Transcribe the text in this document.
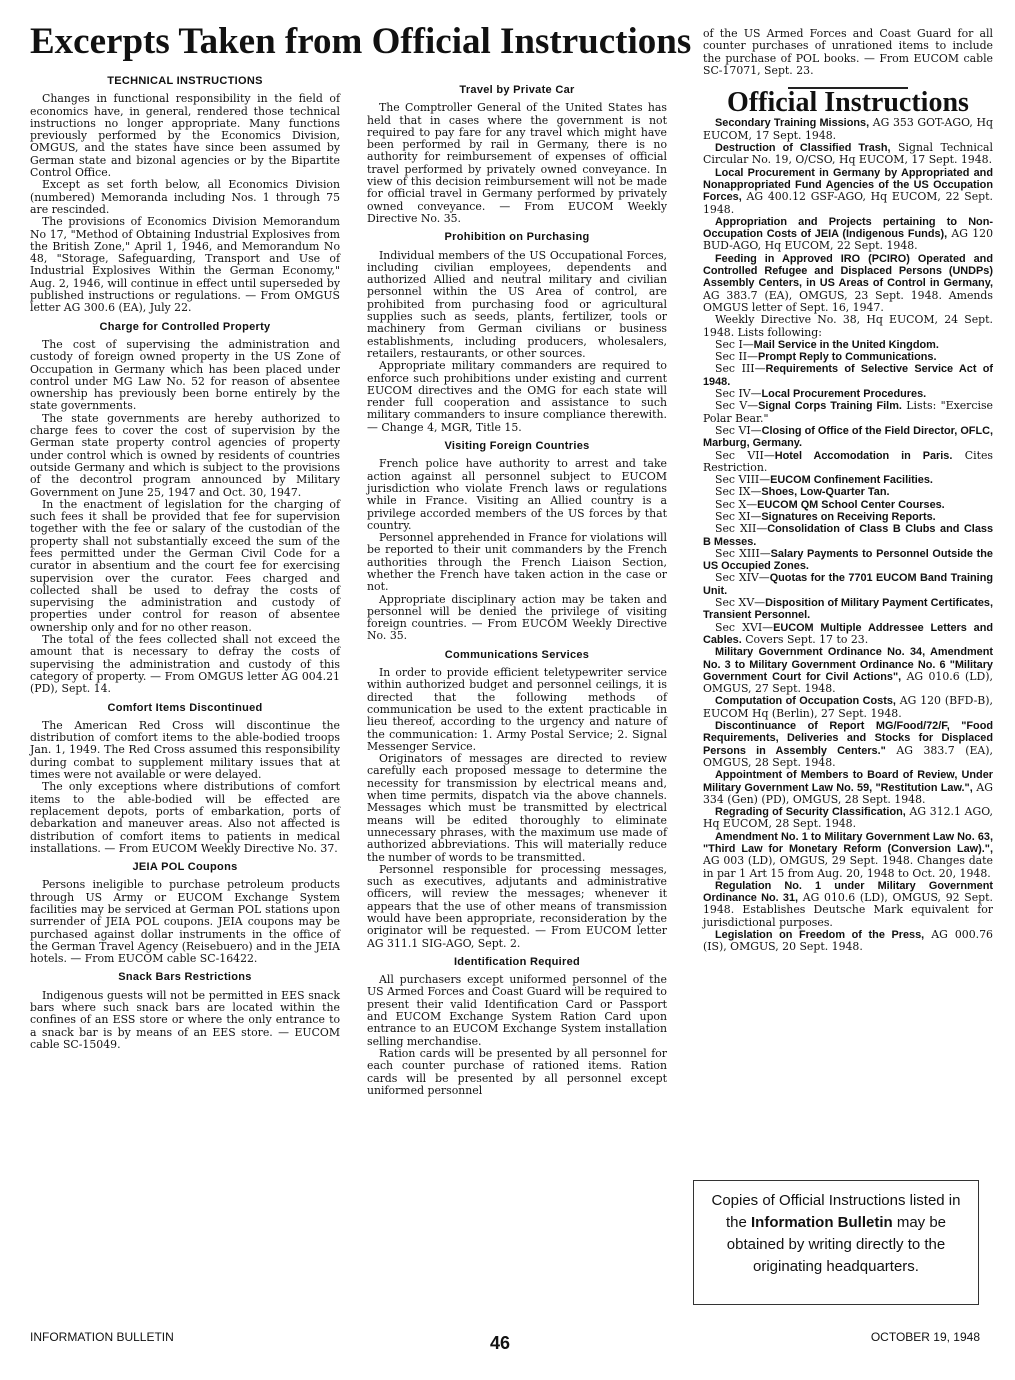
Excerpts Taken from Official Instructions
TECHNICAL INSTRUCTIONS

Changes in functional responsibility in the field of economics have, in general, rendered those technical instructions no longer appropriate. Many functions previously performed by the Economics Division, OMGUS, and the states have since been assumed by German state and bizonal agencies or by the Bipartite Control Office.

Except as set forth below, all Economics Division (numbered) Memoranda including Nos. 1 through 75 are rescinded.

The provisions of Economics Division Memorandum No 17, "Method of Obtaining Industrial Explosives from the British Zone," April 1, 1946, and Memorandum No 48, "Storage, Safeguarding, Transport and Use of Industrial Explosives Within the German Economy," Aug. 2, 1946, will continue in effect until superseded by published instructions or regulations. — From OMGUS letter AG 300.6 (EA), July 22.

Charge for Controlled Property

The cost of supervising the administration and custody of foreign owned property in the US Zone of Occupation in Germany which has been placed under control under MG Law No. 52 for reason of absentee ownership has previously been borne entirely by the state governments.

The state governments are hereby authorized to charge fees to cover the cost of supervision by the German state property control agencies of property under control which is owned by residents of countries outside Germany and which is subject to the provisions of the decontrol program announced by Military Government on June 25, 1947 and Oct. 30, 1947.

In the enactment of legislation for the charging of such fees it shall be provided that fee for supervision together with the fee or salary of the custodian of the property shall not substantially exceed the sum of the fees permitted under the German Civil Code for a curator in absentium and the court fee for exercising supervision over the curator. Fees charged and collected shall be used to defray the costs of supervising the administration and custody of properties under control for reason of absentee ownership only and for no other reason.

The total of the fees collected shall not exceed the amount that is necessary to defray the costs of supervising the administration and custody of this category of property. — From OMGUS letter AG 004.21 (PD), Sept. 14.

Comfort Items Discontinued

The American Red Cross will discontinue the distribution of comfort items to the able-bodied troops Jan. 1, 1949. The Red Cross assumed this responsibility during combat to supplement military issues that at times were not available or were delayed.

The only exceptions where distributions of comfort items to the able-bodied will be effected are replacement depots, ports of embarkation, ports of debarkation and maneuver areas. Also not affected is distribution of comfort items to patients in medical installations. — From EUCOM Weekly Directive No. 37.

JEIA POL Coupons

Persons ineligible to purchase petroleum products through US Army or EUCOM Exchange System facilities may be serviced at German POL stations upon surrender of JEIA POL coupons. JEIA coupons may be purchased against dollar instruments in the office of the German Travel Agency (Reisebuero) and in the JEIA hotels. — From EUCOM cable SC-16422.

Snack Bars Restrictions

Indigenous guests will not be permitted in EES snack bars where such snack bars are located within the confines of an ESS store or where the only entrance to a snack bar is by means of an EES store. — EUCOM cable SC-15049.

Travel by Private Car

The Comptroller General of the United States has held that in cases where the government is not required to pay fare for any travel which might have been performed by rail in Germany, there is no authority for reimbursement of expenses of official travel performed by privately owned conveyance. In view of this decision reimbursement will not be made for official travel in Germany performed by privately owned conveyance. — From EUCOM Weekly Directive No. 35.

Prohibition on Purchasing

Individual members of the US Occupational Forces, including civilian employees, dependents and authorized Allied and neutral military and civilian personnel within the US Area of control, are prohibited from purchasing food or agricultural supplies such as seeds, plants, fertilizer, tools or machinery from German civilians or business establishments, including producers, wholesalers, retailers, restaurants, or other sources.

Appropriate military commanders are required to enforce such prohibitions under existing and current EUCOM directives and the OMG for each state will render full cooperation and assistance to such military commanders to insure compliance therewith. — Change 4, MGR, Title 15.

Visiting Foreign Countries

French police have authority to arrest and take action against all personnel subject to EUCOM jurisdiction who violate French laws or regulations while in France. Visiting an Allied country is a privilege accorded members of the US forces by that country.

Personnel apprehended in France for violations will be reported to their unit commanders by the French authorities through the French Liaison Section, whether the French have taken action in the case or not.

Appropriate disciplinary action may be taken and personnel will be denied the privilege of visiting foreign countries. — From EUCOM Weekly Directive No. 35.

Communications Services

In order to provide efficient teletypewriter service within authorized budget and personnel ceilings, it is directed that the following methods of communication be used to the extent practicable in lieu thereof, according to the urgency and nature of the communication: 1. Army Postal Service; 2. Signal Messenger Service.

Originators of messages are directed to review carefully each proposed message to determine the necessity for transmission by electrical means and, when time permits, dispatch via the above channels. Messages which must be transmitted by electrical means will be edited thoroughly to eliminate unnecessary phrases, with the maximum use made of authorized abbreviations. This will materially reduce the number of words to be transmitted.

Personnel responsible for processing messages, such as executives, adjutants and administrative officers, will review the messages; whenever it appears that the use of other means of transmission would have been appropriate, reconsideration by the originator will be requested. — From EUCOM letter AG 311.1 SIG-AGO, Sept. 2.

Identification Required

All purchasers except uniformed personnel of the US Armed Forces and Coast Guard will be required to present their valid Identification Card or Passport and EUCOM Exchange System Ration Card upon entrance to an EUCOM Exchange System installation selling merchandise.

Ration cards will be presented by all personnel for each counter purchase of rationed items. Ration cards will be presented by all personnel except uniformed personnel

of the US Armed Forces and Coast Guard for all counter purchases of unrationed items to include the purchase of POL books. — From EUCOM cable SC-17071, Sept. 23.

Official Instructions

Secondary Training Missions, AG 353 GOT-AGO, Hq EUCOM, 17 Sept. 1948.

Destruction of Classified Trash, Signal Technical Circular No. 19, O/CSO, Hq EUCOM, 17 Sept. 1948.

Local Procurement in Germany by Appropriated and Nonappropriated Fund Agencies of the US Occupation Forces, AG 400.12 GSF-AGO, Hq EUCOM, 22 Sept. 1948.

Appropriation and Projects pertaining to Non-Occupation Costs of JEIA (Indigenous Funds), AG 120 BUD-AGO, Hq EUCOM, 22 Sept. 1948.

Feeding in Approved IRO (PCIRO) Operated and Controlled Refugee and Displaced Persons (UNDPs) Assembly Centers, in US Areas of Control in Germany, AG 383.7 (EA), OMGUS, 23 Sept. 1948. Amends OMGUS letter of Sept. 16, 1947.

Weekly Directive No. 38, Hq EUCOM, 24 Sept. 1948. Lists following:

Sec I—Mail Service in the United Kingdom.

Sec II—Prompt Reply to Communications.

Sec III—Requirements of Selective Service Act of 1948.

Sec IV—Local Procurement Procedures.

Sec V—Signal Corps Training Film. Lists: "Exercise Polar Bear."

Sec VI—Closing of Office of the Field Director, OFLC, Marburg, Germany.

Sec VII—Hotel Accomodation in Paris. Cites Restriction.

Sec VIII—EUCOM Confinement Facilities.

Sec IX—Shoes, Low-Quarter Tan.

Sec X—EUCOM QM School Center Courses.

Sec XI—Signatures on Receiving Reports.

Sec XII—Consolidation of Class B Clubs and Class B Messes.

Sec XIII—Salary Payments to Personnel Outside the US Occupied Zones.

Sec XIV—Quotas for the 7701 EUCOM Band Training Unit.

Sec XV—Disposition of Military Payment Certificates, Transient Personnel.

Sec XVI—EUCOM Multiple Addressee Letters and Cables. Covers Sept. 17 to 23.

Military Government Ordinance No. 34, Amendment No. 3 to Military Government Ordinance No. 6 "Military Government Court for Civil Actions", AG 010.6 (LD), OMGUS, 27 Sept. 1948.

Computation of Occupation Costs, AG 120 (BFD-B), EUCOM Hq (Berlin), 27 Sept. 1948.

Discontinuance of Report MG/Food/72/F, "Food Requirements, Deliveries and Stocks for Displaced Persons in Assembly Centers." AG 383.7 (EA), OMGUS, 28 Sept. 1948.

Appointment of Members to Board of Review, Under Military Government Law No. 59, "Restitution Law.", AG 334 (Gen) (PD), OMGUS, 28 Sept. 1948.

Regrading of Security Classification, AG 312.1 AGO, Hq EUCOM, 28 Sept. 1948.

Amendment No. 1 to Military Government Law No. 63, "Third Law for Monetary Reform (Conversion Law).", AG 003 (LD), OMGUS, 29 Sept. 1948. Changes date in par 1 Art 15 from Aug. 20, 1948 to Oct. 20, 1948.

Regulation No. 1 under Military Government Ordinance No. 31, AG 010.6 (LD), OMGUS, 92 Sept. 1948. Establishes Deutsche Mark equivalent for jurisdictional purposes.

Legislation on Freedom of the Press, AG 000.76 (IS), OMGUS, 20 Sept. 1948.

Copies of Official Instructions listed in the Information Bulletin may be obtained by writing directly to the originating headquarters.
INFORMATION BULLETIN	46	OCTOBER 19, 1948
